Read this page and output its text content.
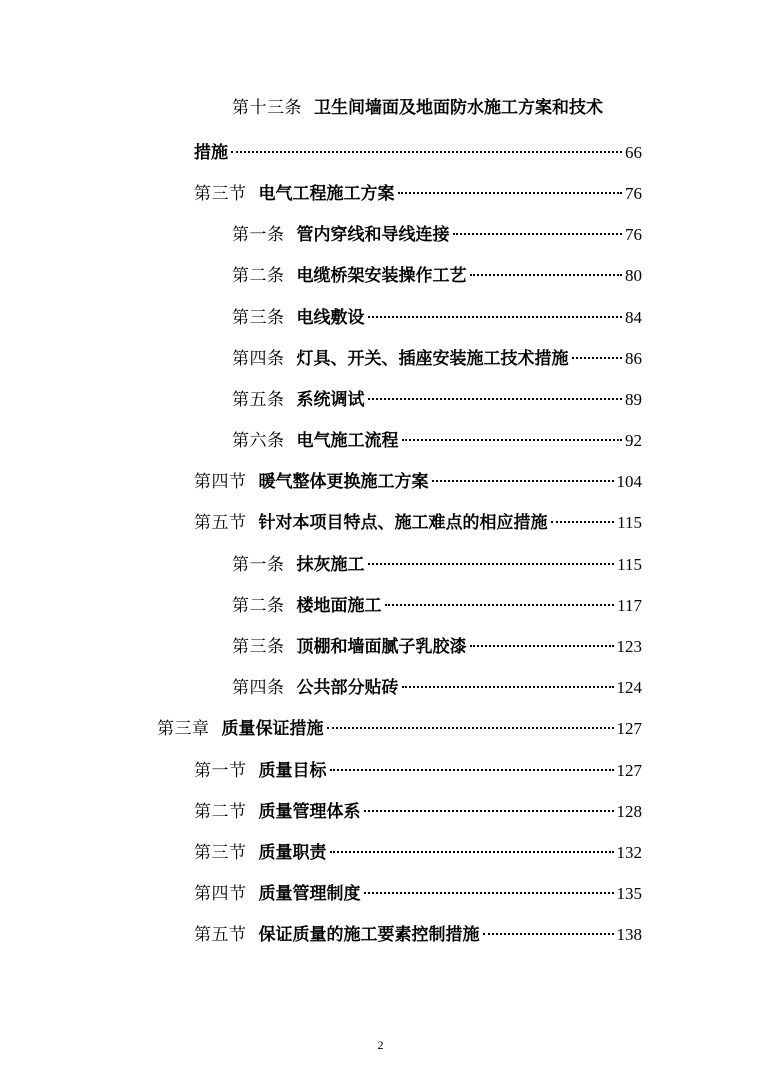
第十三条 卫生间墙面及地面防水施工方案和技术
措施	66
第三节 电气工程施工方案	76
第一条 管内穿线和导线连接	76
第二条 电缆桥架安装操作工艺	80
第三条 电线敷设	84
第四条 灯具、开关、插座安装施工技术措施	86
第五条 系统调试	89
第六条 电气施工流程	92
第四节 暖气整体更换施工方案	104
第五节 针对本项目特点、施工难点的相应措施	115
第一条 抹灰施工	115
第二条 楼地面施工	117
第三条 顶棚和墙面腻子乳胶漆	123
第四条 公共部分贴砖	124
第三章 质量保证措施	127
第一节 质量目标	127
第二节 质量管理体系	128
第三节 质量职责	132
第四节 质量管理制度	135
第五节 保证质量的施工要素控制措施	138
2
